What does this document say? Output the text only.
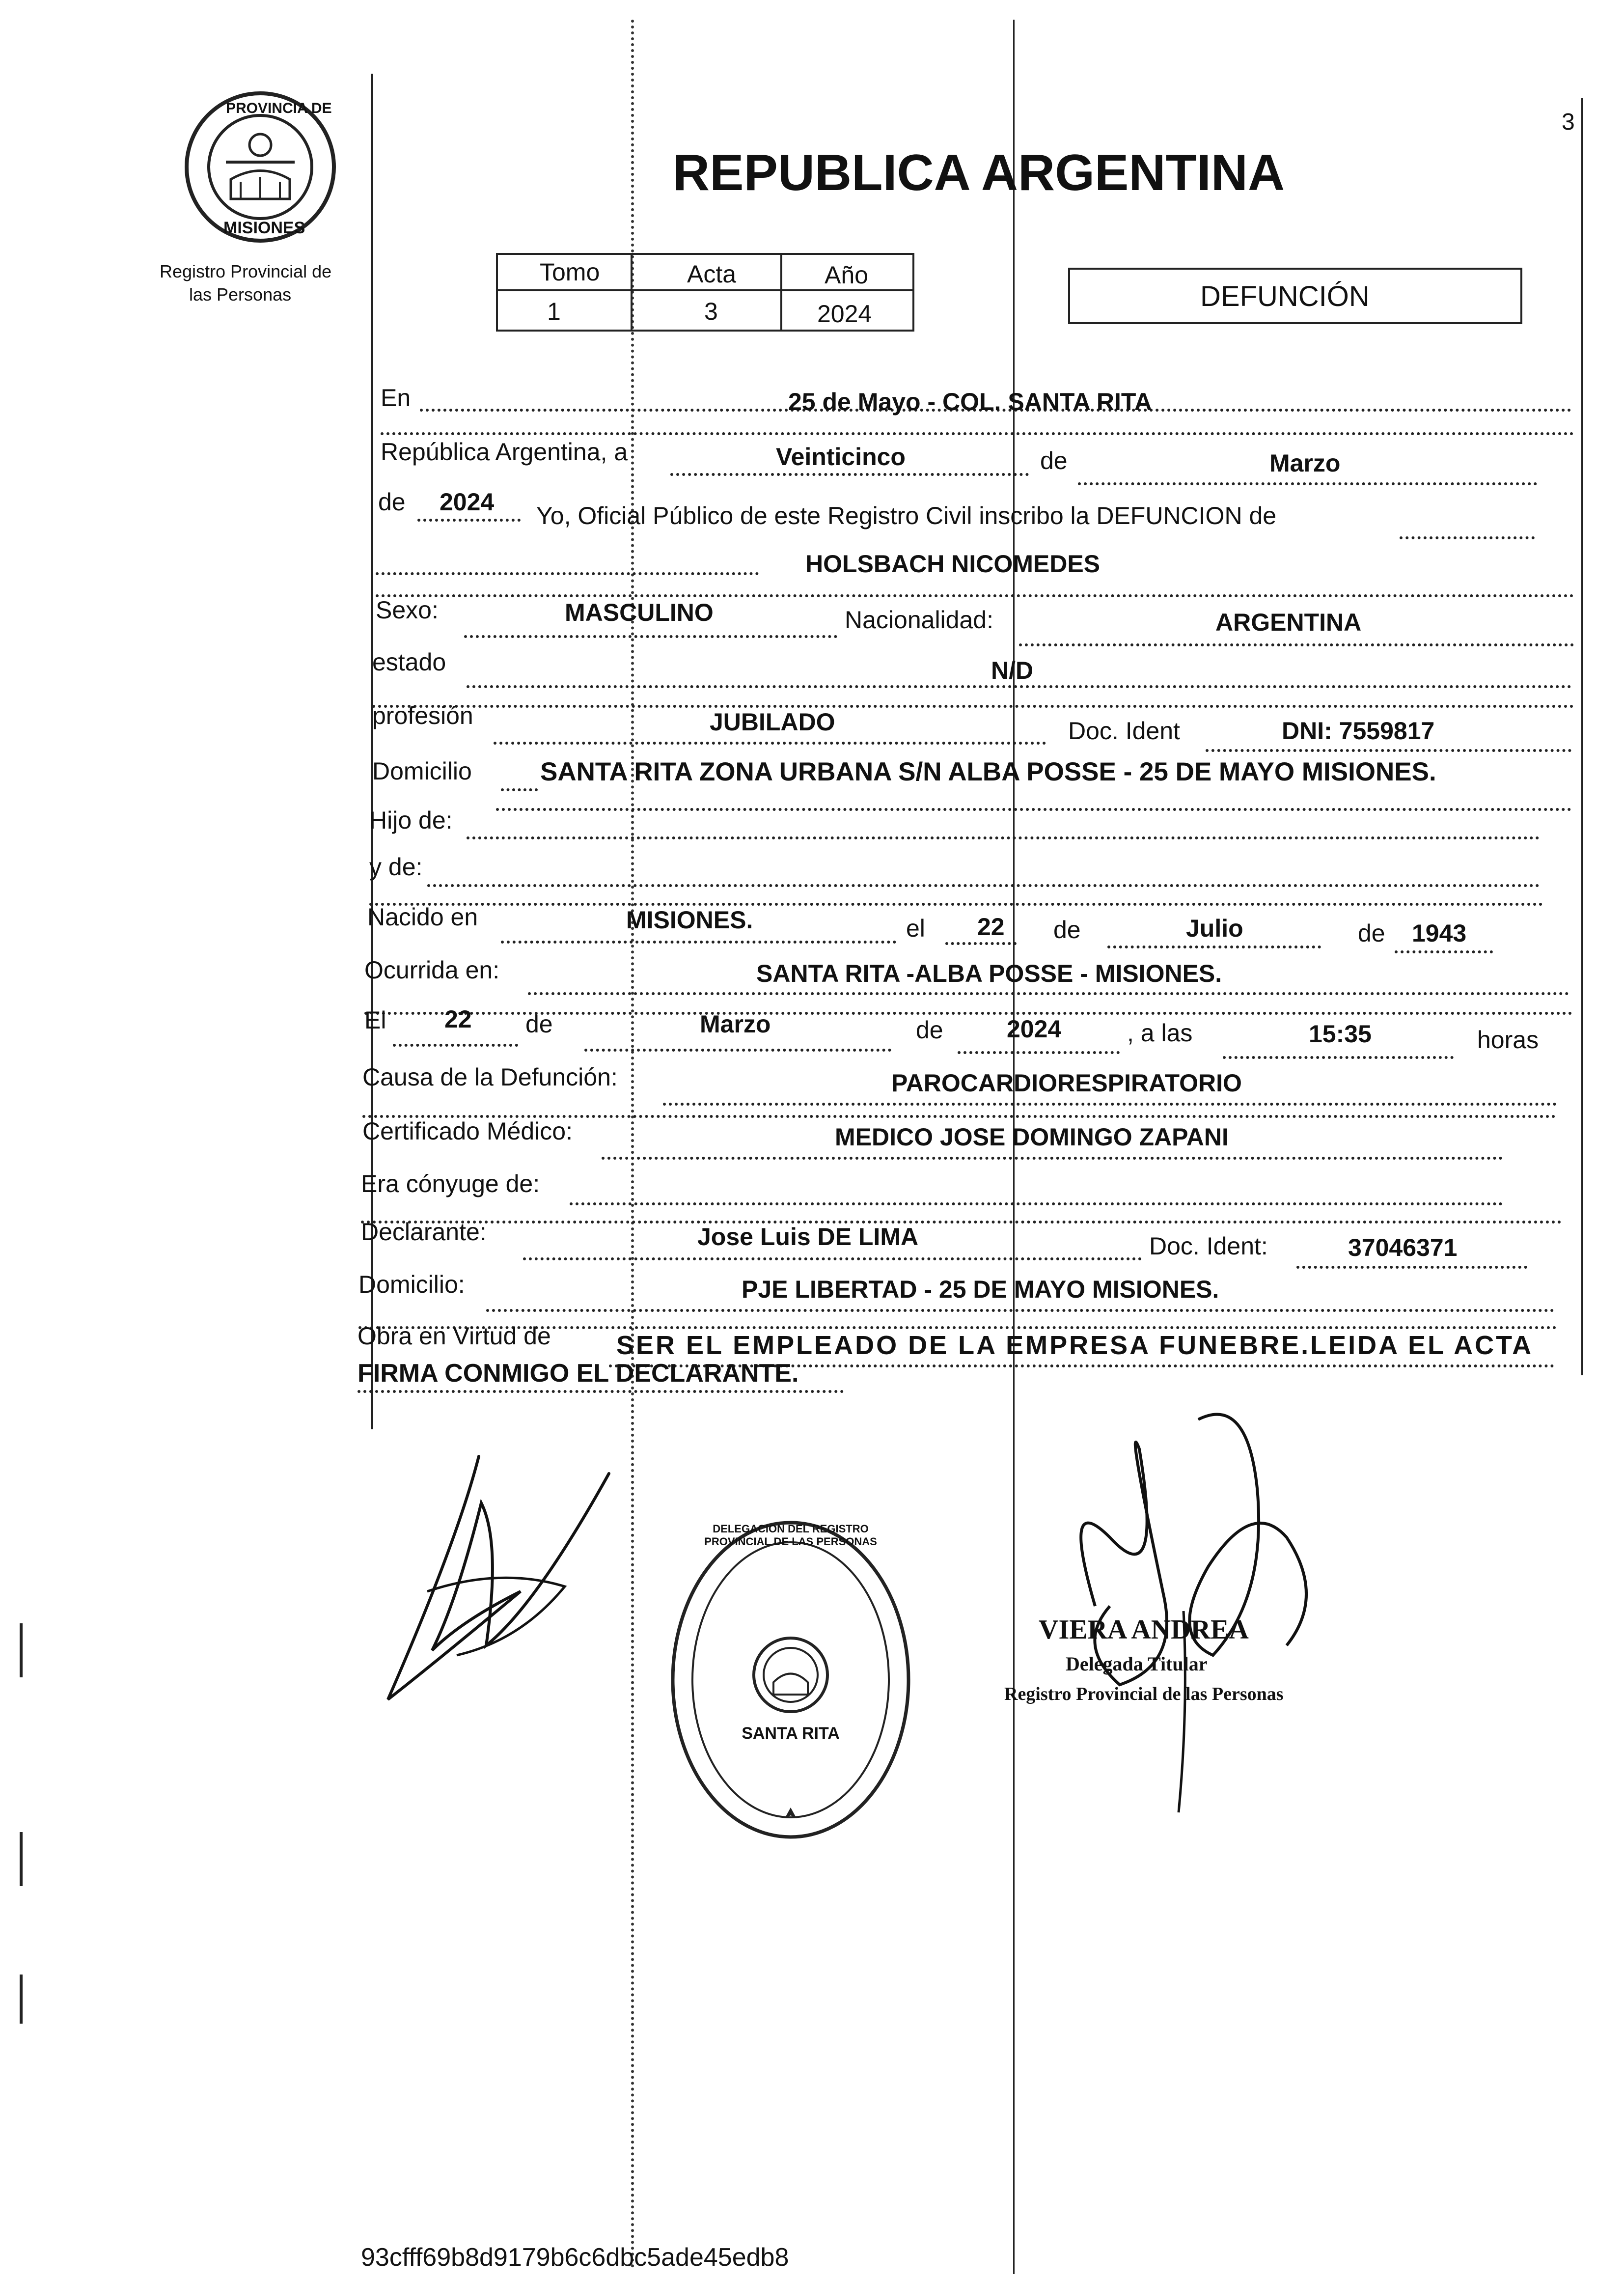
PROVINCIA DE
MISIONES
Registro Provincial de
las Personas
3
REPUBLICA ARGENTINA
Tomo	Acta	Año
1	3	2024
DEFUNCIÓN
En	25 de Mayo - COL. SANTA RITA
República Argentina, a	Veinticinco	de	Marzo
de 2024 Yo, Oficial Público de este Registro Civil inscribo la DEFUNCION de
HOLSBACH NICOMEDES
Sexo:	MASCULINO	Nacionalidad:	ARGENTINA
estado	N/D
profesión	JUBILADO	Doc. Ident	DNI: 7559817
Domicilio	SANTA RITA ZONA URBANA S/N ALBA POSSE - 25 DE MAYO MISIONES.
Hijo de:
y de:
Nacido en	MISIONES.	el 22 de	Julio	de 1943
Ocurrida en:	SANTA RITA -ALBA POSSE - MISIONES.
El 22 de	Marzo	de	2024	, a las	15:35	horas
Causa de la Defunción:	PAROCARDIORESPIRATORIO
Certificado Médico:	MEDICO JOSE DOMINGO ZAPANI
Era cónyuge de:
Declarante:	Jose Luis DE LIMA	Doc. Ident:	37046371
Domicilio:	PJE LIBERTAD - 25 DE MAYO MISIONES.
Obra en Virtud de SER EL EMPLEADO DE LA EMPRESA FUNEBRE.LEIDA EL ACTA
FIRMA CONMIGO EL DECLARANTE.
DELEGACION DEL REGISTRO PROVINCIAL DE LAS PERSONAS
SANTA RITA
VIERA ANDREA
Delegada Titular
Registro Provincial de las Personas
93cfff69b8d9179b6c6dbc5ade45edb8
